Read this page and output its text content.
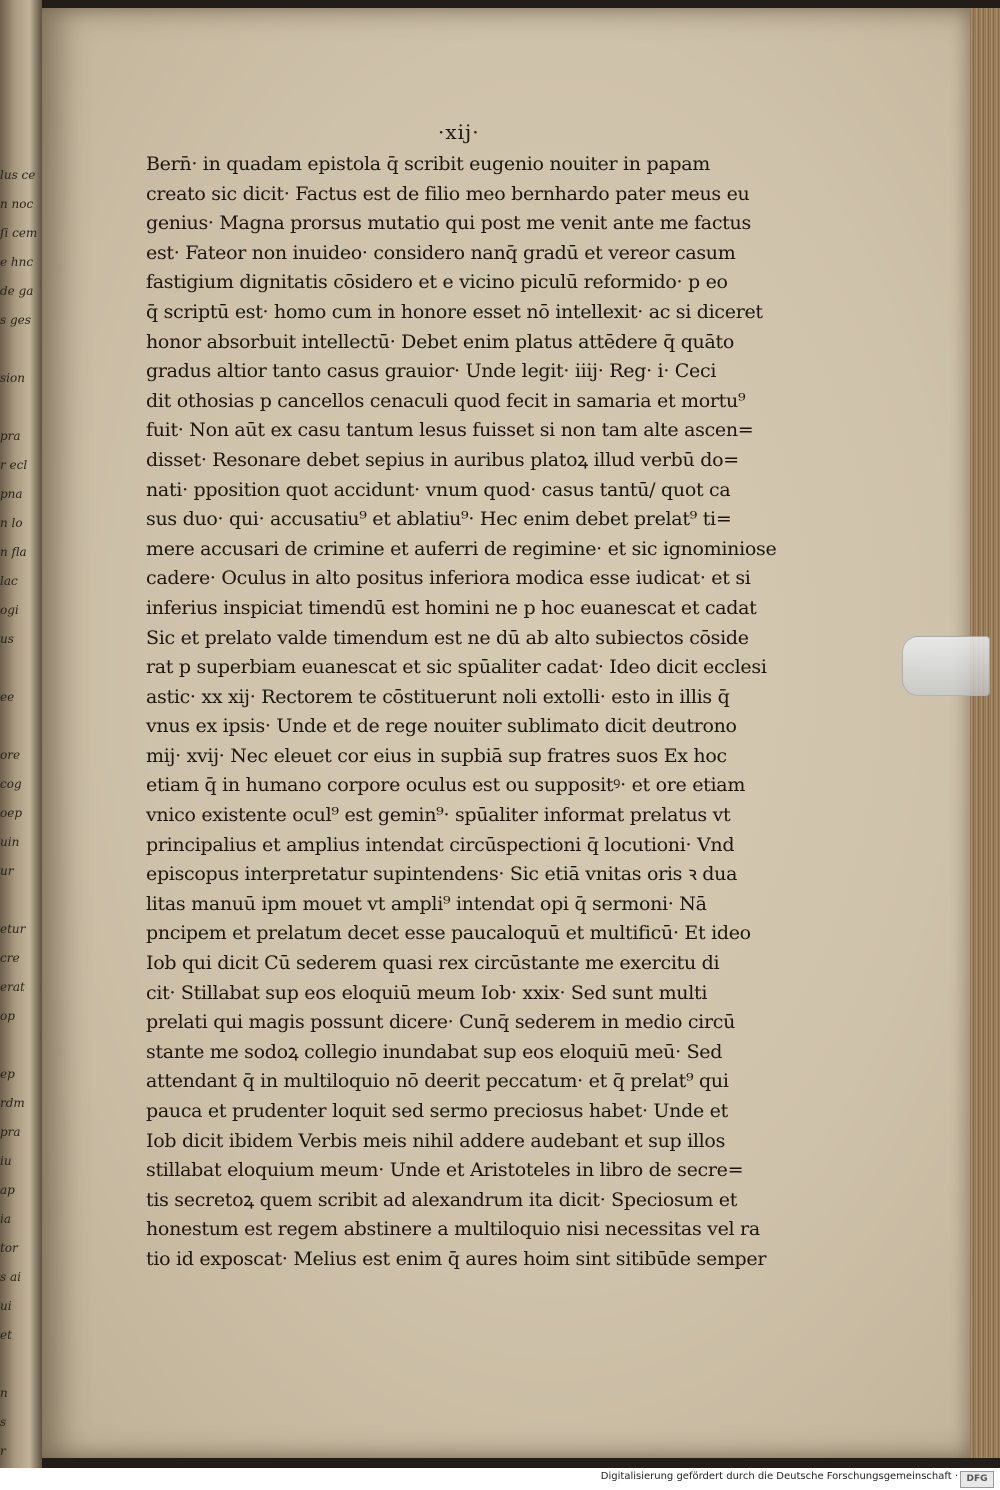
lus ce
n noc
ſi cem
e hnc
de ga
s ges
sion
pra
r ecl
pna
n lo
n fla
lac
ogi
us
ee
ore
cog
oep
uin
ur
etur
cre
erat
op
ep
rdm
pra
iu
ap
ia
tor
s ai
ui
et
n
s
r
·xij·
Bern̄· in quadam epistola q̄ scribit eugenio nouiter in papam
creato sic dicit· Factus est de filio meo bernhardo pater meus eu
genius· Magna prorsus mutatio qui post me venit ante me factus
est· Fateor non inuideo· considero nanq̄ gradū et vereor casum
fastigium dignitatis cōsidero et e vicino piculū reformido· p eo
q̄ scriptū est· homo cum in honore esset nō intellexit· ac si diceret
honor absorbuit intellectū· Debet enim platus attēdere q̄ quāto
gradus altior tanto casus grauior· Unde legit· iiij· Reg· i· Ceci
dit othosias p cancellos cenaculi quod fecit in samaria et mortu⁹
fuit· Non aūt ex casu tantum lesus fuisset si non tam alte ascen=
disset· Resonare debet sepius in auribus platoꝝ illud verbū do=
nati· pposition quot accidunt· vnum quod· casus tantū/ quot ca
sus duo· qui· accusatiu⁹ et ablatiu⁹· Hec enim debet prelat⁹ ti=
mere accusari de crimine et auferri de regimine· et sic ignominiose
cadere· Oculus in alto positus inferiora modica esse iudicat· et si
inferius inspiciat timendū est homini ne p hoc euanescat et cadat
Sic et prelato valde timendum est ne dū ab alto subiectos cōside
rat p superbiam euanescat et sic spūaliter cadat· Ideo dicit ecclesi
astic· xx xij· Rectorem te cōstituerunt noli extolli· esto in illis q̄
vnus ex ipsis· Unde et de rege nouiter sublimato dicit deutrono
mij· xvij· Nec eleuet cor eius in supbiā sup fratres suos Ex hoc
etiam q̄ in humano corpore oculus est ou suppositꝰ· et ore etiam
vnico existente ocul⁹ est gemin⁹· spūaliter informat prelatus vt
principalius et amplius intendat circūspectioni q̄ locutioni· Vnd
episcopus interpretatur supintendens· Sic etiā vnitas oris ꝛ dua
litas manuū ipm mouet vt ampli⁹ intendat opi q̄ sermoni· Nā
pncipem et prelatum decet esse paucaloquū et multificū· Et ideo
Iob qui dicit Cū sederem quasi rex circūstante me exercitu di
cit· Stillabat sup eos eloquiū meum Iob· xxix· Sed sunt multi
prelati qui magis possunt dicere· Cunq̄ sederem in medio circū
stante me sodoꝝ collegio inundabat sup eos eloquiū meū· Sed
attendant q̄ in multiloquio nō deerit peccatum· et q̄ prelat⁹ qui
pauca et prudenter loquit sed sermo preciosus habet· Unde et
Iob dicit ibidem Verbis meis nihil addere audebant et sup illos
stillabat eloquium meum· Unde et Aristoteles in libro de secre=
tis secretoꝝ quem scribit ad alexandrum ita dicit· Speciosum et
honestum est regem abstinere a multiloquio nisi necessitas vel ra
tio id exposcat· Melius est enim q̄ aures hoim sint sitibūde semper
Digitalisierung gefördert durch die Deutsche Forschungsgemeinschaft · DFG
